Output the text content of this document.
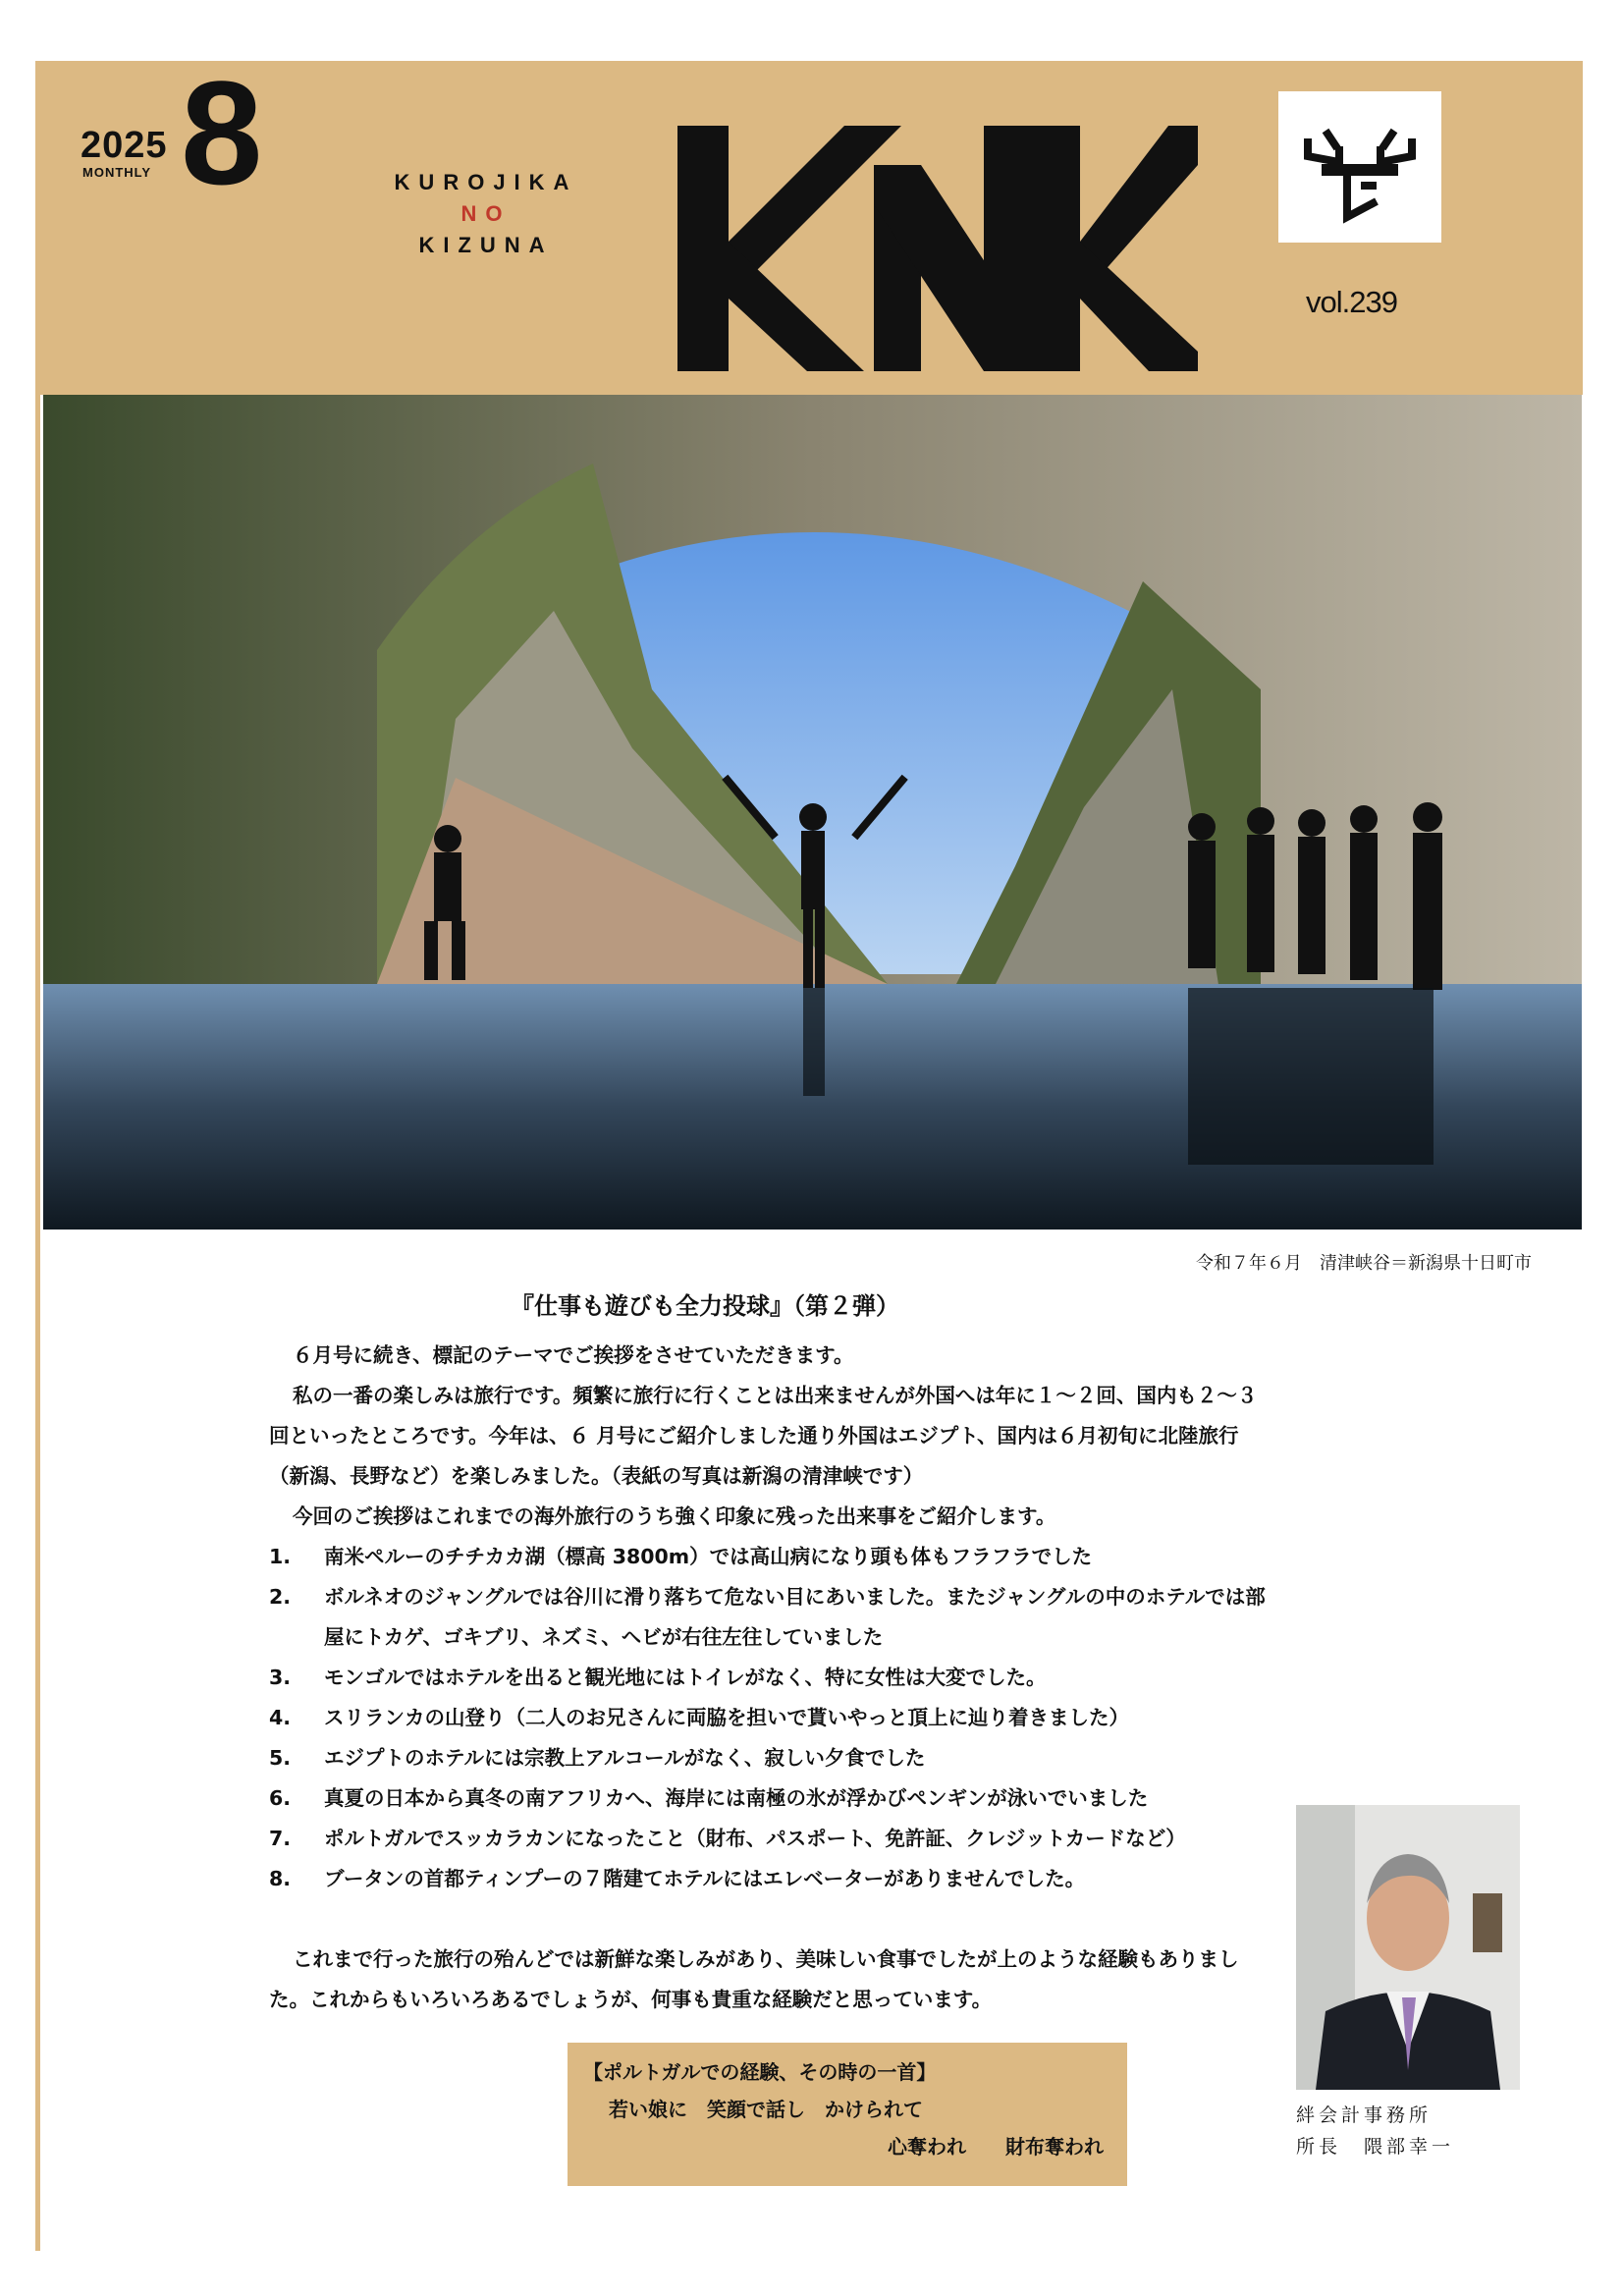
2025
MONTHLY 8	KUROJIKA
NO
KIZUNA
vol.239
令和７年６月　清津峡谷＝新潟県十日町市
『仕事も遊びも全力投球』（第２弾）

６月号に続き、標記のテーマでご挨拶をさせていただきます。

私の一番の楽しみは旅行です。頻繁に旅行に行くことは出来ませんが外国へは年に１～２回、国内も２～３回といったところです。今年は、６ 月号にご紹介しました通り外国はエジプト、国内は６月初旬に北陸旅行（新潟、長野など）を楽しみました。（表紙の写真は新潟の清津峡です）

今回のご挨拶はこれまでの海外旅行のうち強く印象に残った出来事をご紹介します。

1. 南米ペルーのチチカカ湖（標高 3800m）では高山病になり頭も体もフラフラでした
2. ボルネオのジャングルでは谷川に滑り落ちて危ない目にあいました。またジャングルの中のホテルでは部屋にトカゲ、ゴキブリ、ネズミ、ヘビが右往左往していました
3. モンゴルではホテルを出ると観光地にはトイレがなく、特に女性は大変でした。
4. スリランカの山登り（二人のお兄さんに両脇を担いで貰いやっと頂上に辿り着きました）
5. エジプトのホテルには宗教上アルコールがなく、寂しい夕食でした
6. 真夏の日本から真冬の南アフリカへ、海岸には南極の氷が浮かびペンギンが泳いでいました
7. ポルトガルでスッカラカンになったこと（財布、パスポート、免許証、クレジットカードなど）
8. ブータンの首都ティンプーの７階建てホテルにはエレベーターがありませんでした。

これまで行った旅行の殆んどでは新鮮な楽しみがあり、美味しい食事でしたが上のような経験もありました。これからもいろいろあるでしょうが、何事も貴重な経験だと思っています。

【ポルトガルでの経験、その時の一首】
若い娘に　笑顔で話し　かけられて
心奪われ　　財布奪われ
絆会計事務所
所長　隈部幸一
